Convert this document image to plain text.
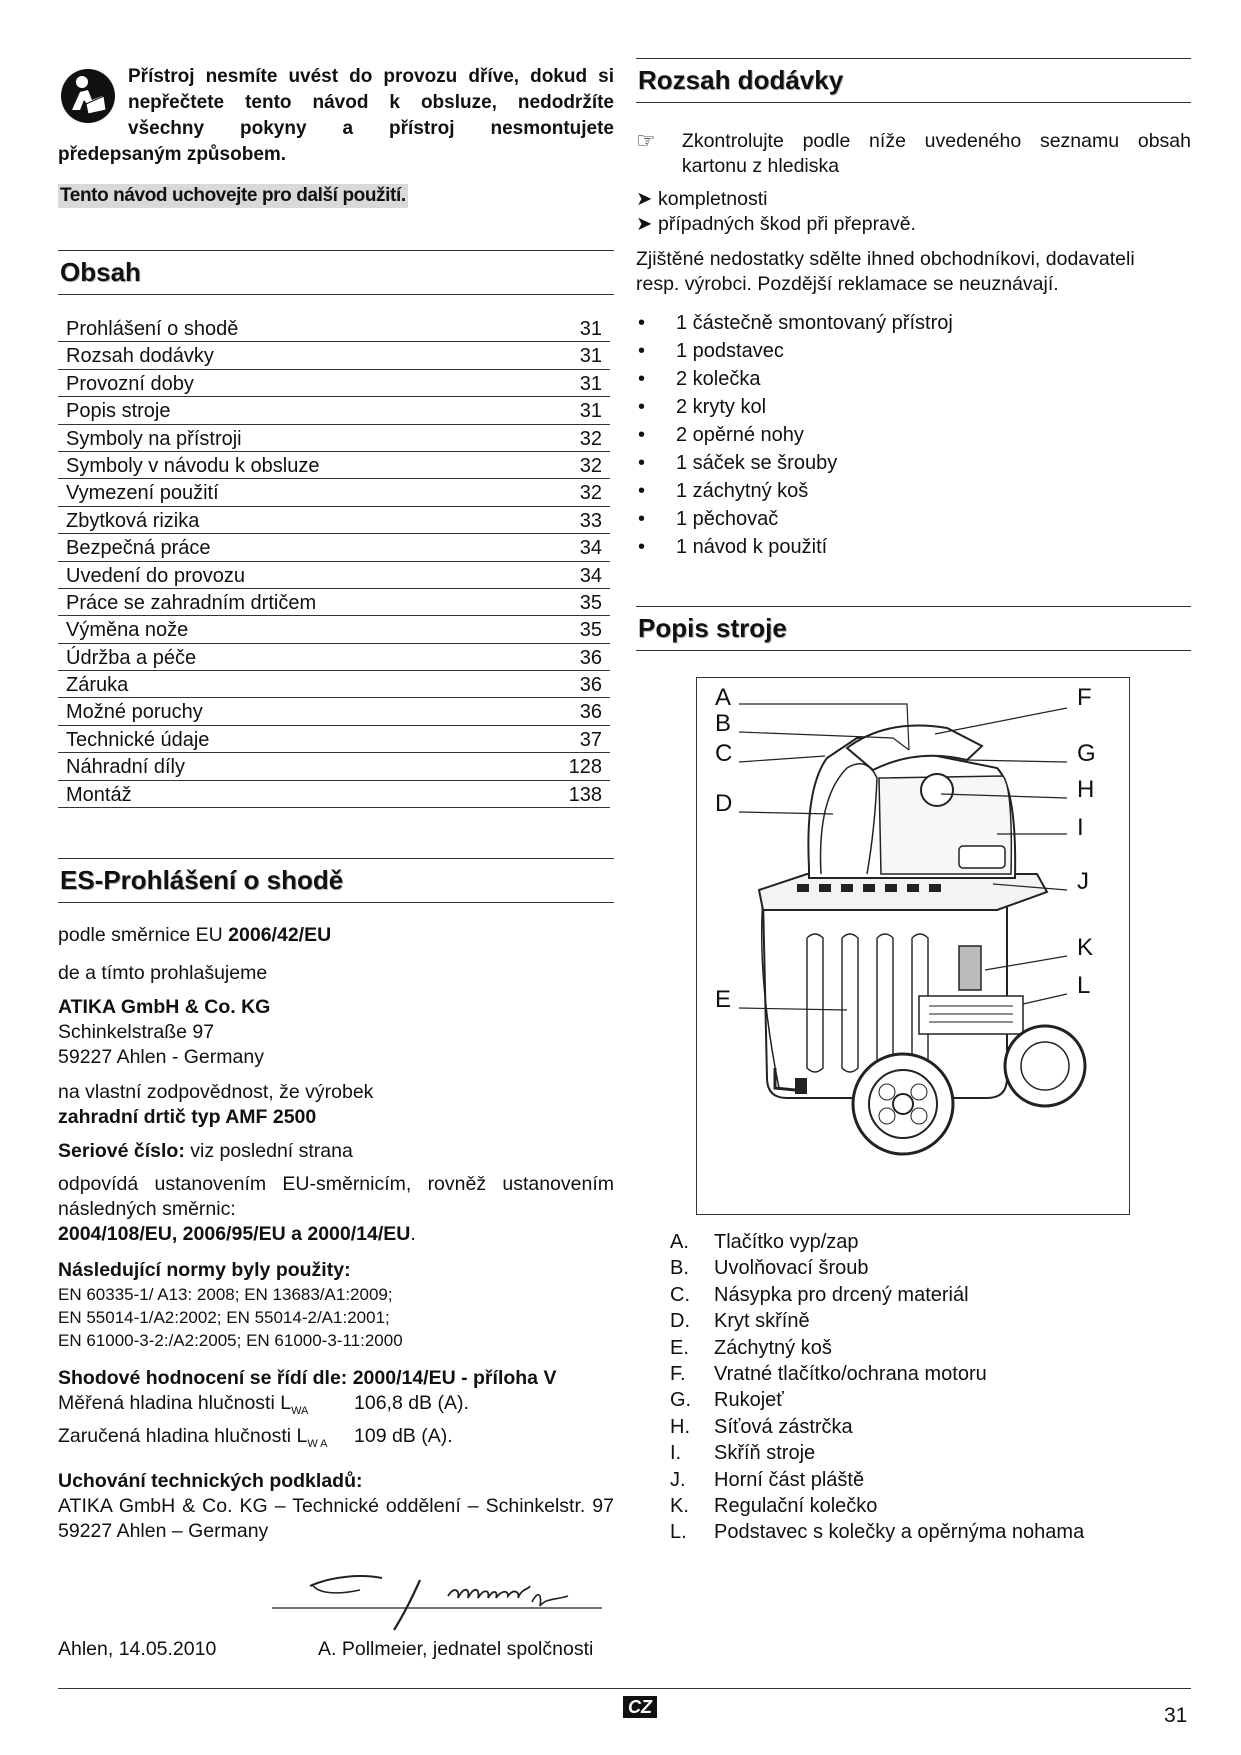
Přístroj nesmíte uvést do provozu dříve, dokud si nepřečtete tento návod k obsluze, nedodržíte všechny pokyny a přístroj nesmontujete předepsaným způsobem.
Tento návod uchovejte pro další použití.
Obsah
Prohlášení o shodě	31
Rozsah dodávky	31
Provozní doby	31
Popis stroje	31
Symboly na přístroji	32
Symboly v návodu k obsluze	32
Vymezení použití	32
Zbytková rizika	33
Bezpečná práce	34
Uvedení do provozu	34
Práce se zahradním drtičem	35
Výměna nože	35
Údržba a péče	36
Záruka	36
Možné poruchy	36
Technické údaje	37
Náhradní díly	128
Montáž	138
ES-Prohlášení o shodě

podle směrnice EU 2006/42/EU

de a tímto prohlašujeme

ATIKA GmbH & Co. KG

Schinkelstraße 97

59227 Ahlen - Germany

na vlastní zodpovědnost, že výrobek

zahradní drtič typ AMF 2500

Seriové číslo: viz poslední strana

odpovídá ustanovením EU-směrnicím, rovněž ustanovením následných směrnic:

2004/108/EU, 2006/95/EU a 2000/14/EU.

Následující normy byly použity:

EN 60335-1/ A13: 2008; EN 13683/A1:2009;
EN 55014-1/A2:2002; EN 55014-2/A1:2001;
EN 61000-3-2:/A2:2005; EN 61000-3-11:2000

Shodové hodnocení se řídí dle: 2000/14/EU - příloha V

Měřená hladina hlučnosti $L_{WA}$	106,8 dB (A).
Zaručená hladina hlučnosti $L_{W A}$	109 dB (A).

Uchování technických podkladů:

ATIKA GmbH & Co. KG – Technické oddělení – Schinkelstr. 97

59227 Ahlen – Germany

Ahlen, 14.05.2010	A. Pollmeier, jednatel spolčnosti
Rozsah dodávky
☞	Zkontrolujte podle níže uvedeného seznamu obsah kartonu z hlediska

➤ kompletnosti
➤ případných škod při přepravě.

Zjištěné nedostatky sdělte ihned obchodníkovi, dodavateli resp. výrobci. Pozdější reklamace se neuznávají.

• 1 částečně smontovaný přístroj
• 1 podstavec
• 2 kolečka
• 2 kryty kol
• 2 opěrné nohy
• 1 sáček se šrouby
• 1 záchytný koš
• 1 pěchovač
• 1 návod k použití
Popis stroje
A
B
C
D
E
F
G
H
I
J
K
L
A.	Tlačítko vyp/zap
B.	Uvolňovací šroub
C.	Násypka pro drcený materiál
D.	Kryt skříně
E.	Záchytný koš
F.	Vratné tlačítko/ochrana motoru
G.	Rukojeť
H.	Síťová zástrčka
I.	Skříň stroje
J.	Horní část pláště
K.	Regulační kolečko
L.	Podstavec s kolečky a opěrnýma nohama
CZ	31
